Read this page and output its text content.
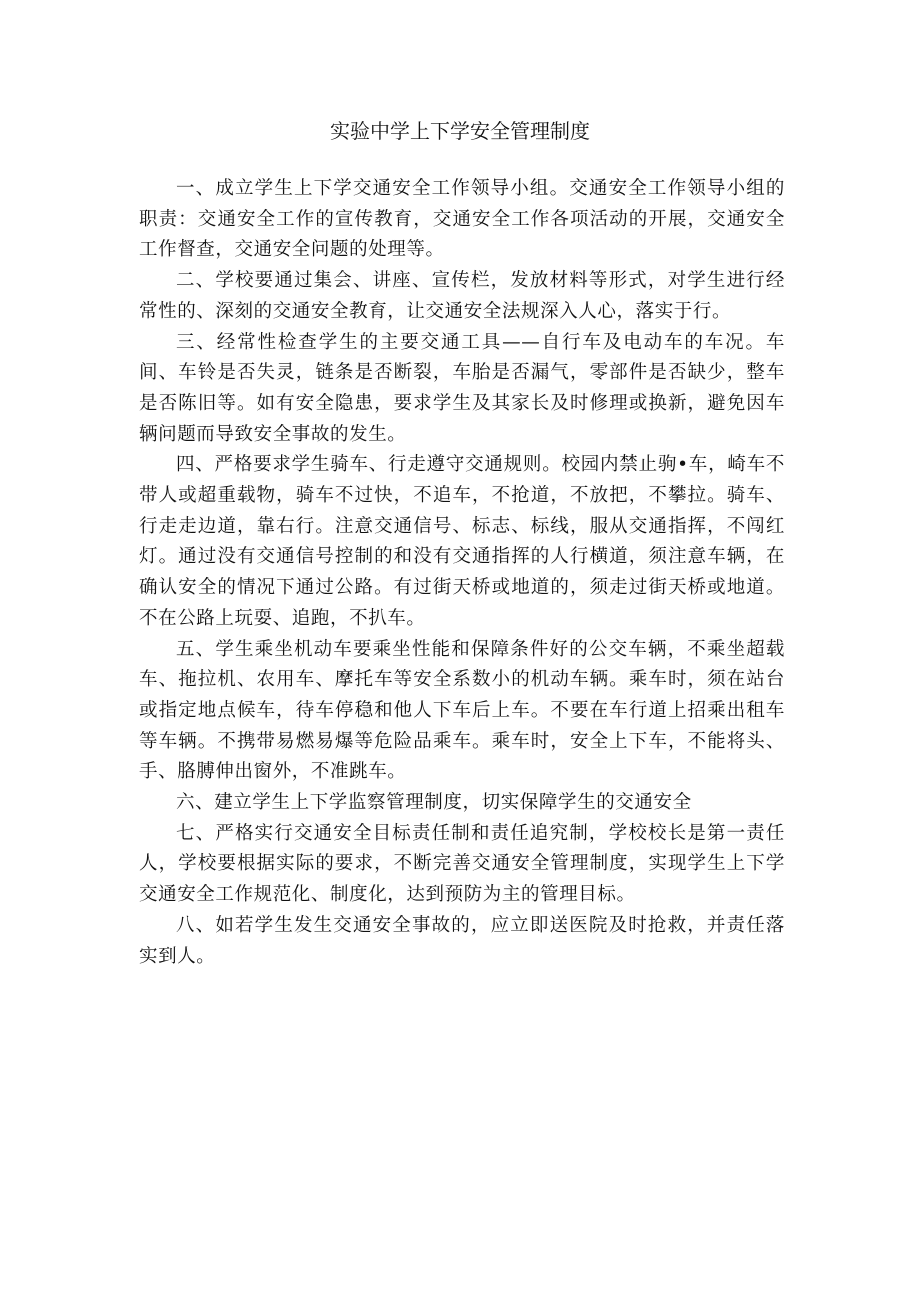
实验中学上下学安全管理制度

一、成立学生上下学交通安全工作领导小组。交通安全工作领导小组的职责：交通安全工作的宣传教育，交通安全工作各项活动的开展，交通安全工作督查，交通安全问题的处理等。

二、学校要通过集会、讲座、宣传栏，发放材料等形式，对学生进行经常性的、深刻的交通安全教育，让交通安全法规深入人心，落实于行。

三、经常性检查学生的主要交通工具——自行车及电动车的车况。车间、车铃是否失灵，链条是否断裂，车胎是否漏气，零部件是否缺少，整车是否陈旧等。如有安全隐患，要求学生及其家长及时修理或换新，避免因车辆问题而导致安全事故的发生。

四、严格要求学生骑车、行走遵守交通规则。校园内禁止驹•车，崎车不带人或超重载物，骑车不过快，不追车，不抢道，不放把，不攀拉。骑车、行走走边道，靠右行。注意交通信号、标志、标线，服从交通指挥，不闯红灯。通过没有交通信号控制的和没有交通指挥的人行横道，须注意车辆，在确认安全的情况下通过公路。有过街天桥或地道的，须走过街天桥或地道。不在公路上玩耍、追跑，不扒车。

五、学生乘坐机动车要乘坐性能和保障条件好的公交车辆，不乘坐超载车、拖拉机、农用车、摩托车等安全系数小的机动车辆。乘车时，须在站台或指定地点候车，待车停稳和他人下车后上车。不要在车行道上招乘出租车等车辆。不携带易燃易爆等危险品乘车。乘车时，安全上下车，不能将头、手、胳膊伸出窗外，不准跳车。

六、建立学生上下学监察管理制度，切实保障学生的交通安全

七、严格实行交通安全目标责任制和责任追究制，学校校长是第一责任人，学校要根据实际的要求，不断完善交通安全管理制度，实现学生上下学交通安全工作规范化、制度化，达到预防为主的管理目标。

八、如若学生发生交通安全事故的，应立即送医院及时抢救，并责任落实到人。
